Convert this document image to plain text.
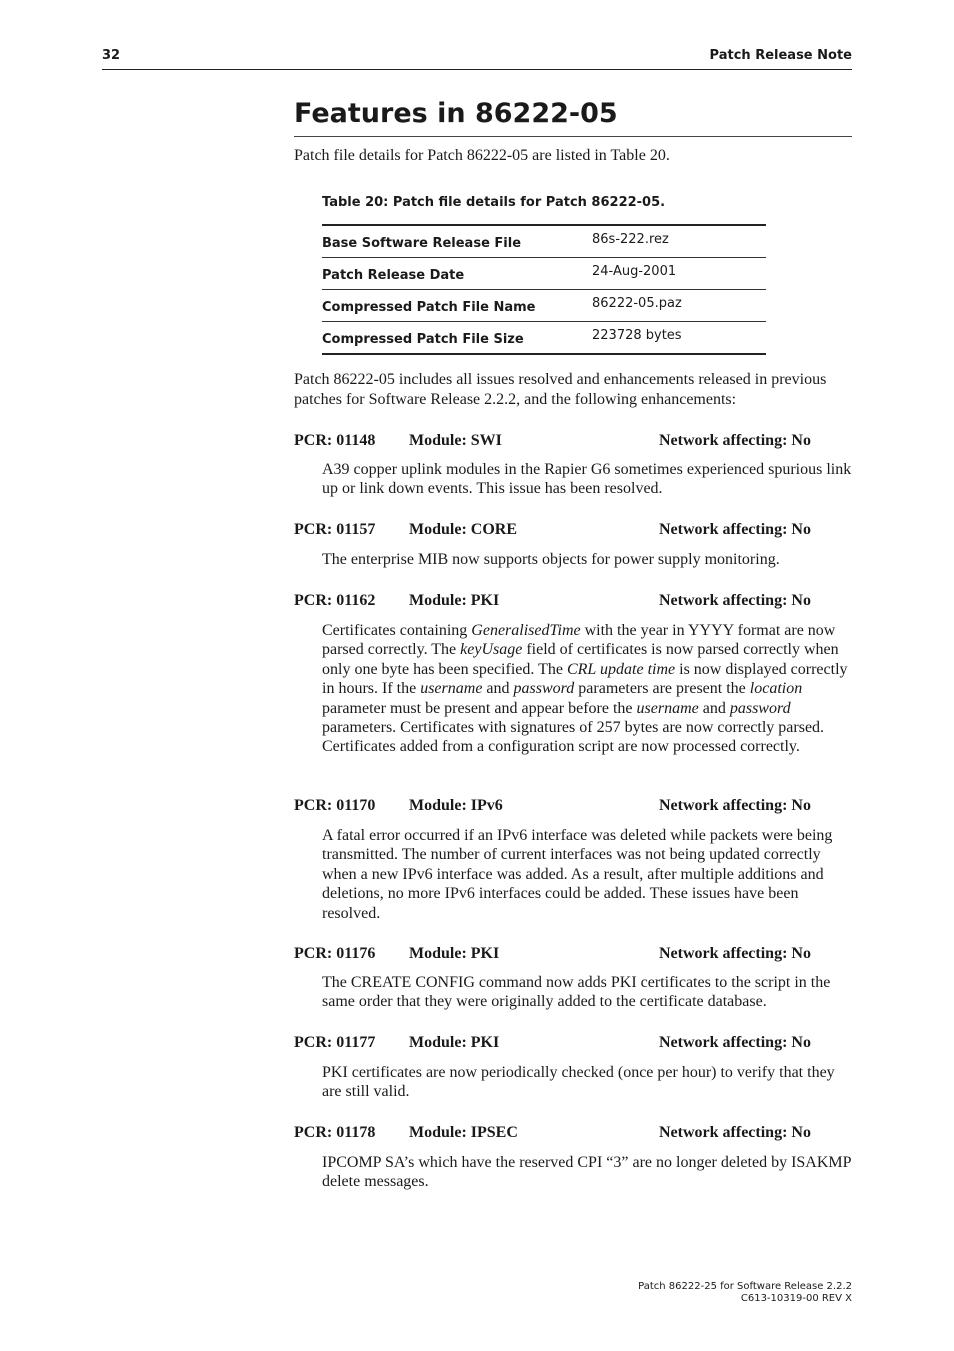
32	Patch Release Note
Features in 86222-05
Patch file details for Patch 86222-05 are listed in Table 20.
Table 20: Patch file details for Patch 86222-05.
Base Software Release File	86s-222.rez
Patch Release Date	24-Aug-2001
Compressed Patch File Name	86222-05.paz
Compressed Patch File Size	223728 bytes
Patch 86222-05 includes all issues resolved and enhancements released in previous patches for Software Release 2.2.2, and the following enhancements:
PCR: 01148 Module: SWI	Network affecting: No
A39 copper uplink modules in the Rapier G6 sometimes experienced spurious link up or link down events. This issue has been resolved.
PCR: 01157 Module: CORE	Network affecting: No
The enterprise MIB now supports objects for power supply monitoring.
PCR: 01162 Module: PKI	Network affecting: No
Certificates containing GeneralisedTime with the year in YYYY format are now parsed correctly. The keyUsage field of certificates is now parsed correctly when only one byte has been specified. The CRL update time is now displayed correctly in hours. If the username and password parameters are present the location parameter must be present and appear before the username and password parameters. Certificates with signatures of 257 bytes are now correctly parsed. Certificates added from a configuration script are now processed correctly.
PCR: 01170 Module: IPv6	Network affecting: No
A fatal error occurred if an IPv6 interface was deleted while packets were being transmitted. The number of current interfaces was not being updated correctly when a new IPv6 interface was added. As a result, after multiple additions and deletions, no more IPv6 interfaces could be added. These issues have been resolved.
PCR: 01176 Module: PKI	Network affecting: No
The CREATE CONFIG command now adds PKI certificates to the script in the same order that they were originally added to the certificate database.
PCR: 01177 Module: PKI	Network affecting: No
PKI certificates are now periodically checked (once per hour) to verify that they are still valid.
PCR: 01178 Module: IPSEC	Network affecting: No
IPCOMP SA’s which have the reserved CPI “3” are no longer deleted by ISAKMP delete messages.
Patch 86222-25 for Software Release 2.2.2
C613-10319-00 REV X
